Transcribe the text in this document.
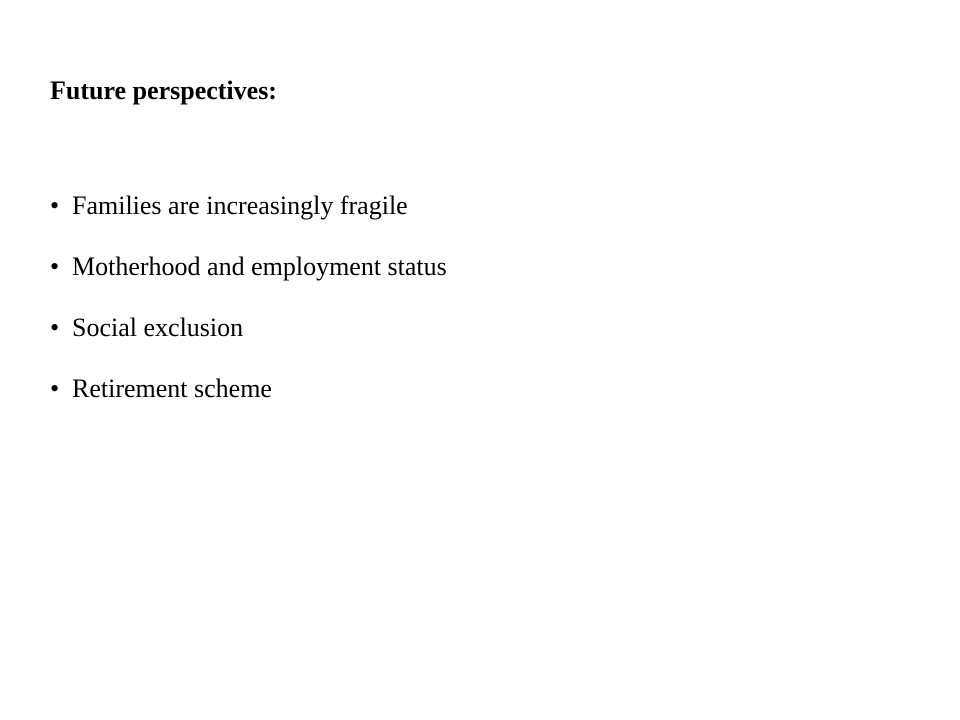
Future perspectives:
• Families are increasingly fragile
• Motherhood and employment status
• Social exclusion
• Retirement scheme
